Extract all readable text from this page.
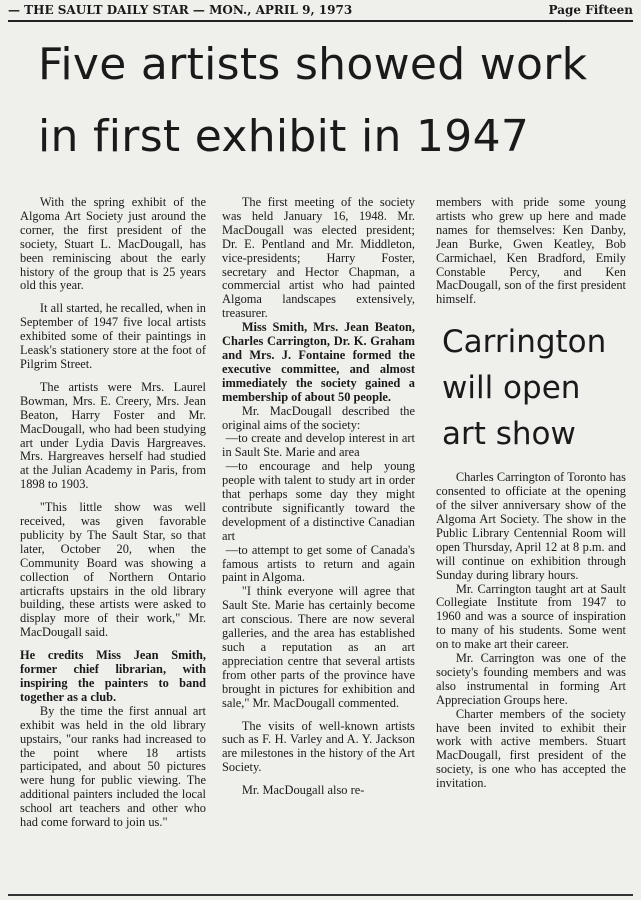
— THE SAULT DAILY STAR — MON., APRIL 9, 1973	Page Fifteen
Five artists showed work
in first exhibit in 1947

With the spring exhibit of the Algoma Art Society just around the corner, the first president of the society, Stuart L. MacDougall, has been reminiscing about the early history of the group that is 25 years old this year.

It all started, he recalled, when in September of 1947 five local artists exhibited some of their paintings in Leask's stationery store at the foot of Pilgrim Street.

The artists were Mrs. Laurel Bowman, Mrs. E. Creery, Mrs. Jean Beaton, Harry Foster and Mr. MacDougall, who had been studying art under Lydia Davis Hargreaves. Mrs. Hargreaves herself had studied at the Julian Academy in Paris, from 1898 to 1903.

"This little show was well received, was given favorable publicity by The Sault Star, so that later, October 20, when the Community Board was showing a collection of Northern Ontario articrafts upstairs in the old library building, these artists were asked to display more of their work," Mr. MacDougall said.

He credits Miss Jean Smith, former chief librarian, with inspiring the painters to band together as a club.

By the time the first annual art exhibit was held in the old library upstairs, "our ranks had increased to the point where 18 artists participated, and about 50 pictures were hung for public viewing. The additional painters included the local school art teachers and other who had come forward to join us."

The first meeting of the society was held January 16, 1948. Mr. MacDougall was elected president; Dr. E. Pentland and Mr. Middleton, vice-presidents; Harry Foster, secretary and Hector Chapman, a commercial artist who had painted Algoma landscapes extensively, treasurer.

Miss Smith, Mrs. Jean Beaton, Charles Carrington, Dr. K. Graham and Mrs. J. Fontaine formed the executive committee, and almost immediately the society gained a membership of about 50 people.

Mr. MacDougall described the original aims of the society:

—to create and develop interest in art in Sault Ste. Marie and area

—to encourage and help young people with talent to study art in order that perhaps some day they might contribute significantly toward the development of a distinctive Canadian art

—to attempt to get some of Canada's famous artists to return and again paint in Algoma.

"I think everyone will agree that Sault Ste. Marie has certainly become art conscious. There are now several galleries, and the area has established such a reputation as an art appreciation centre that several artists from other parts of the province have brought in pictures for exhibition and sale," Mr. MacDougall commented.

The visits of well-known artists such as F. H. Varley and A. Y. Jackson are milestones in the history of the Art Society.

Mr. MacDougall also re-

members with pride some young artists who grew up here and made names for themselves: Ken Danby, Jean Burke, Gwen Keatley, Bob Carmichael, Ken Bradford, Emily Constable Percy, and Ken MacDougall, son of the first president himself.

Carrington
will open
art show

Charles Carrington of Toronto has consented to officiate at the opening of the silver anniversary show of the Algoma Art Society. The show in the Public Library Centennial Room will open Thursday, April 12 at 8 p.m. and will continue on exhibition through Sunday during library hours.

Mr. Carrington taught art at Sault Collegiate Institute from 1947 to 1960 and was a source of inspiration to many of his students. Some went on to make art their career.

Mr. Carrington was one of the society's founding members and was also instrumental in forming Art Appreciation Groups here.

Charter members of the society have been invited to exhibit their work with active members. Stuart MacDougall, first president of the society, is one who has accepted the invitation.
